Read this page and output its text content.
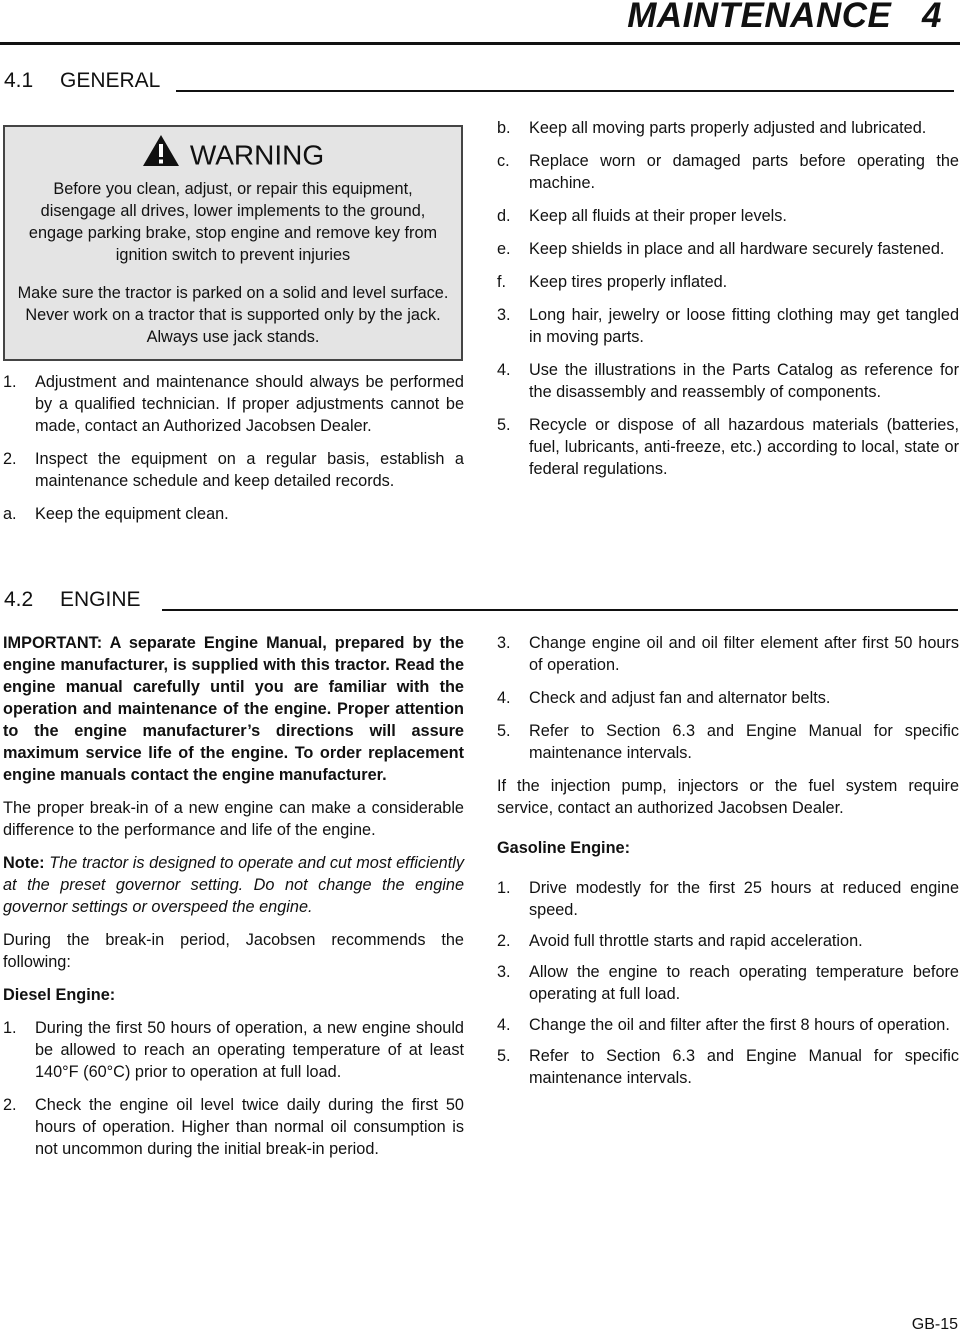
MAINTENANCE   4
4.1 GENERAL
WARNING
Before you clean, adjust, or repair this equipment, disengage all drives, lower implements to the ground, engage parking brake, stop engine and remove key from ignition switch to prevent injuries
Make sure the tractor is parked on a solid and level surface. Never work on a tractor that is supported only by the jack. Always use jack stands.

1. Adjustment and maintenance should always be performed by a qualified technician. If proper adjustments cannot be made, contact an Authorized Jacobsen Dealer.

2. Inspect the equipment on a regular basis, establish a maintenance schedule and keep detailed records.

a. Keep the equipment clean.

b. Keep all moving parts properly adjusted and lubricated.

c. Replace worn or damaged parts before operating the machine.

d. Keep all fluids at their proper levels.

e. Keep shields in place and all hardware securely fastened.

f. Keep tires properly inflated.

3. Long hair, jewelry or loose fitting clothing may get tangled in moving parts.

4. Use the illustrations in the Parts Catalog as reference for the disassembly and reassembly of components.

5. Recycle or dispose of all hazardous materials (batteries, fuel, lubricants, anti-freeze, etc.) according to local, state or federal regulations.

4.2 ENGINE

IMPORTANT: A separate Engine Manual, prepared by the engine manufacturer, is supplied with this tractor. Read the engine manual carefully until you are familiar with the operation and maintenance of the engine. Proper attention to the engine manufacturer’s directions will assure maximum service life of the engine. To order replacement engine manuals contact the engine manufacturer.

The proper break-in of a new engine can make a considerable difference to the performance and life of the engine.

Note: The tractor is designed to operate and cut most efficiently at the preset governor setting. Do not change the engine governor settings or overspeed the engine.

During the break-in period, Jacobsen recommends the following:

Diesel Engine:

1. During the first 50 hours of operation, a new engine should be allowed to reach an operating temperature of at least 140°F (60°C) prior to operation at full load.

2. Check the engine oil level twice daily during the first 50 hours of operation. Higher than normal oil consumption is not uncommon during the initial break-in period.

3. Change engine oil and oil filter element after first 50 hours of operation.

4. Check and adjust fan and alternator belts.

5. Refer to Section 6.3 and Engine Manual for specific maintenance intervals.

If the injection pump, injectors or the fuel system require service, contact an authorized Jacobsen Dealer.

Gasoline Engine:

1. Drive modestly for the first 25 hours at reduced engine speed.

2. Avoid full throttle starts and rapid acceleration.

3. Allow the engine to reach operating temperature before operating at full load.

4. Change the oil and filter after the first 8 hours of operation.

5. Refer to Section 6.3 and Engine Manual for specific maintenance intervals.

GB-15
